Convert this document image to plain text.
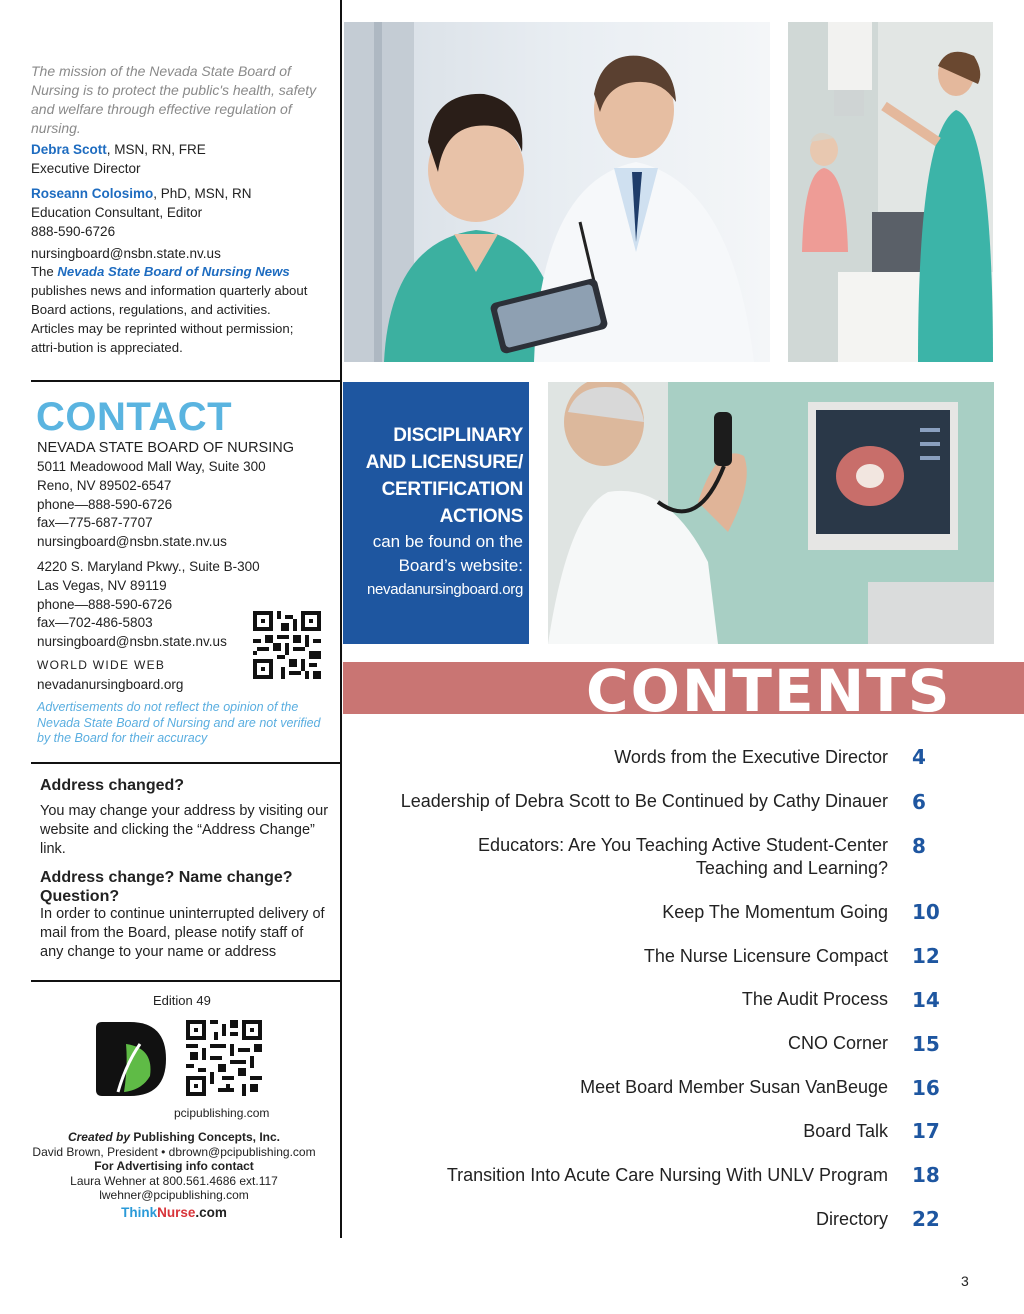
The mission of the Nevada State Board of Nursing is to protect the public's health, safety and welfare through effective regulation of nursing.

Debra Scott, MSN, RN, FRE
Executive Director
Roseann Colosimo, PhD, MSN, RN
Education Consultant, Editor
888-590-6726
nursingboard@nsbn.state.nv.us

The Nevada State Board of Nursing News publishes news and information quarterly about Board actions, regulations, and activities. Articles may be reprinted without permission; attri-bution is appreciated.

CONTACT
NEVADA STATE BOARD OF NURSING
5011 Meadowood Mall Way, Suite 300
Reno, NV 89502-6547
phone—888-590-6726
fax—775-687-7707
nursingboard@nsbn.state.nv.us
4220 S. Maryland Pkwy., Suite B-300
Las Vegas, NV 89119
phone—888-590-6726
fax—702-486-5803
nursingboard@nsbn.state.nv.us
WORLD WIDE WEB
nevadanursingboard.org

Advertisements do not reflect the opinion of the Nevada State Board of Nursing and are not verified by the Board for their accuracy

Address changed?

You may change your address by visiting our website and clicking the “Address Change” link.

Address change? Name change? Question?

In order to continue uninterrupted delivery of mail from the Board, please notify staff of any change to your name or address

Edition 49
pcipublishing.com
Created by Publishing Concepts, Inc.
David Brown, President • dbrown@pcipublishing.com
For Advertising info contact
Laura Wehner at 800.561.4686 ext.117
lwehner@pcipublishing.com
ThinkNurse.com
DISCIPLINARY
AND LICENSURE/
CERTIFICATION
ACTIONS
can be found on the
Board’s website:
nevadanursingboard.org
CONTENTS
Words from the Executive Director 4
Leadership of Debra Scott to Be Continued by Cathy Dinauer 6
Educators: Are You Teaching Active Student-Center
Teaching and Learning?
8
Keep The Momentum Going 10
The Nurse Licensure Compact 12
The Audit Process 14
CNO Corner 15
Meet Board Member Susan VanBeuge 16
Board Talk 17
Transition Into Acute Care Nursing With UNLV Program 18
Directory 22
3
